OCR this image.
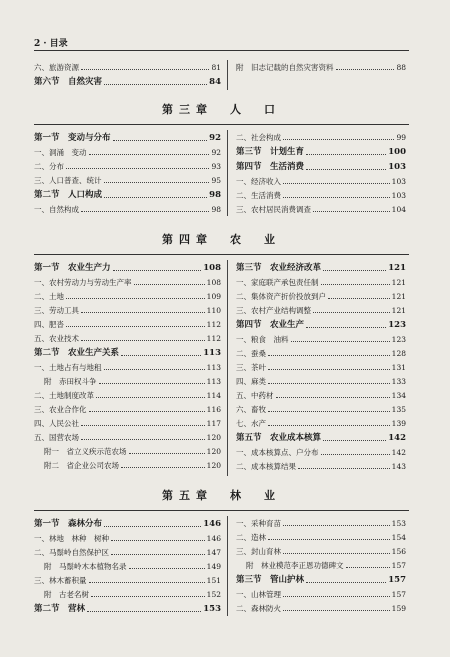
2 · 目录
六、旅游资源	81
第六节　自然灾害	84
附　旧志记载的自然灾害资料	88
第三章　人　口
第一节　变动与分布	92
一、洞涌　变动	92
二、分布	93
三、人口普查、统计	95
第二节　人口构成	98
一、自然构成	98
二、社会构成	99
第三节　计划生育	100
第四节　生活消费	103
一、经济收入	103
二、生活消费	103
三、农村居民消费调查	104
第四章　农　业
第一节　农业生产力	108
一、农村劳动力与劳动生产率	108
二、土地	109
三、劳动工具	110
四、肥沓	112
五、农业技术	112
第二节　农业生产关系	113
一、土地占有与地租	113
附　赤田权斗争	113
二、土地制度改革	114
三、农业合作化	116
四、人民公社	117
五、国营农场	120
附一　省立义疾示范农场	120
附二　省企业公司农场	120
第三节　农业经济改革	121
一、家庭联产承包责任制	121
二、集体资产折价投放到户	121
三、农村产业结构调整	121
第四节　农业生产	123
一、粮食　油料	123
二、蚕桑	128
三、茶叶	131
四、麻类	133
五、中药材	134
六、畜牧	135
七、水产	139
第五节　农业成本核算	142
一、成本核算点、户分布	142
二、成本核算结果	143
第五章　林　业
第一节　森林分布	146
一、林地　林种　树种	146
二、马鬃岭自然保护区	147
附　马鬃岭木本植物名录	149
三、林木蓄积量	151
附　古老名树	152
第二节　营林	153
一、采种育苗	153
二、造林	154
三、封山育林	156
附　林业模范李正恩功德碑文	157
第三节　管山护林	157
一、山林管理	157
二、森林防火	159
